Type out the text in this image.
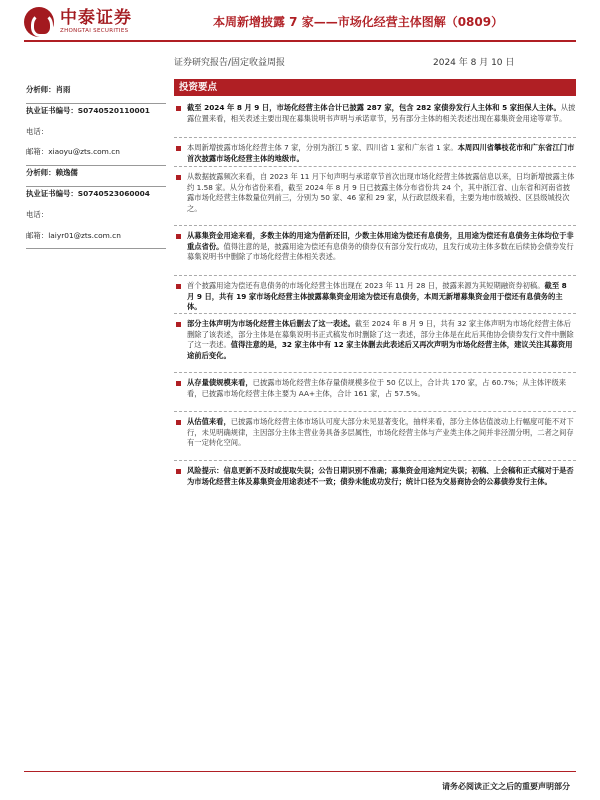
中泰证券
ZHONGTAI SECURITIES
本周新增披露 7 家——市场化经营主体图解（0809）
证券研究报告/固定收益周报	2024 年 8 月 10 日
分析师：肖雨
执业证书编号：S0740520110001
电话：
邮箱：xiaoyu@zts.com.cn
分析师：赖逸儒
执业证书编号：S0740523060004
电话：
邮箱：laiyr01@zts.com.cn
投资要点
截至 2024 年 8 月 9 日，市场化经营主体合计已披露 287 家，包含 282 家债券发行人主体和 5 家担保人主体。从披露位置来看，相关表述主要出现在募集说明书声明与承诺章节，另有部分主体的相关表述出现在募集资金用途等章节。
本周新增披露市场化经营主体 7 家，分别为浙江 5 家、四川省 1 家和广东省 1 家。本周四川省攀枝花市和广东省江门市首次披露市场化经营主体的地级市。
从数据披露频次来看，自 2023 年 11 月下旬声明与承诺章节首次出现市场化经营主体披露信息以来，日均新增披露主体约 1.58 家。从分布省份来看，截至 2024 年 8 月 9 日已披露主体分布省份共 24 个，其中浙江省、山东省和河南省披露市场化经营主体数量位列前三，分别为 50 家、46 家和 29 家，从行政层级来看，主要为地市级城投、区县级城投次之。
从募集资金用途来看，多数主体的用途为借新还旧，少数主体用途为偿还有息债务，且用途为偿还有息债务主体均位于非重点省份。值得注意的是，披露用途为偿还有息债务的债券仅有部分发行成功，且发行成功主体多数在后续协会债券发行募集说明书中删除了市场化经营主体相关表述。
首个披露用途为偿还有息债务的市场化经营主体出现在 2023 年 11 月 28 日，披露来源为其短期融资券初稿。截至 8 月 9 日，共有 19 家市场化经营主体披露募集资金用途为偿还有息债务，本周无新增募集资金用于偿还有息债务的主体。
部分主体声明为市场化经营主体后删去了这一表述。截至 2024 年 8 月 9 日，共有 32 家主体声明为市场化经营主体后删除了该表述，部分主体是在募集说明书正式稿发布时删除了这一表述，部分主体是在此后其他协会债券发行文件中删除了这一表述。值得注意的是，32 家主体中有 12 家主体删去此表述后又再次声明为市场化经营主体，建议关注其募资用途前后变化。
从存量债规模来看，已披露市场化经营主体存量债规模多位于 50 亿以上，合计共 170 家，占 60.7%；从主体评级来看，已披露市场化经营主体主要为 AA+主体，合计 161 家，占 57.5%。
从估值来看，已披露市场化经营主体市场认可度大部分未见显著变化，抽样来看，部分主体估值波动上行幅度可能不对下行，未见明确规律，主因部分主体主营业务具备多层属性，市场化经营主体与产业类主体之间并非泾渭分明，二者之间存有一定转化空间。
风险提示：信息更新不及时或提取失误；公告日期识别不准确；募集资金用途判定失误；初稿、上会稿和正式稿对于是否为市场化经营主体及募集资金用途表述不一致；债券未能成功发行；统计口径为交易商协会的公募债券发行主体。
请务必阅读正文之后的重要声明部分
